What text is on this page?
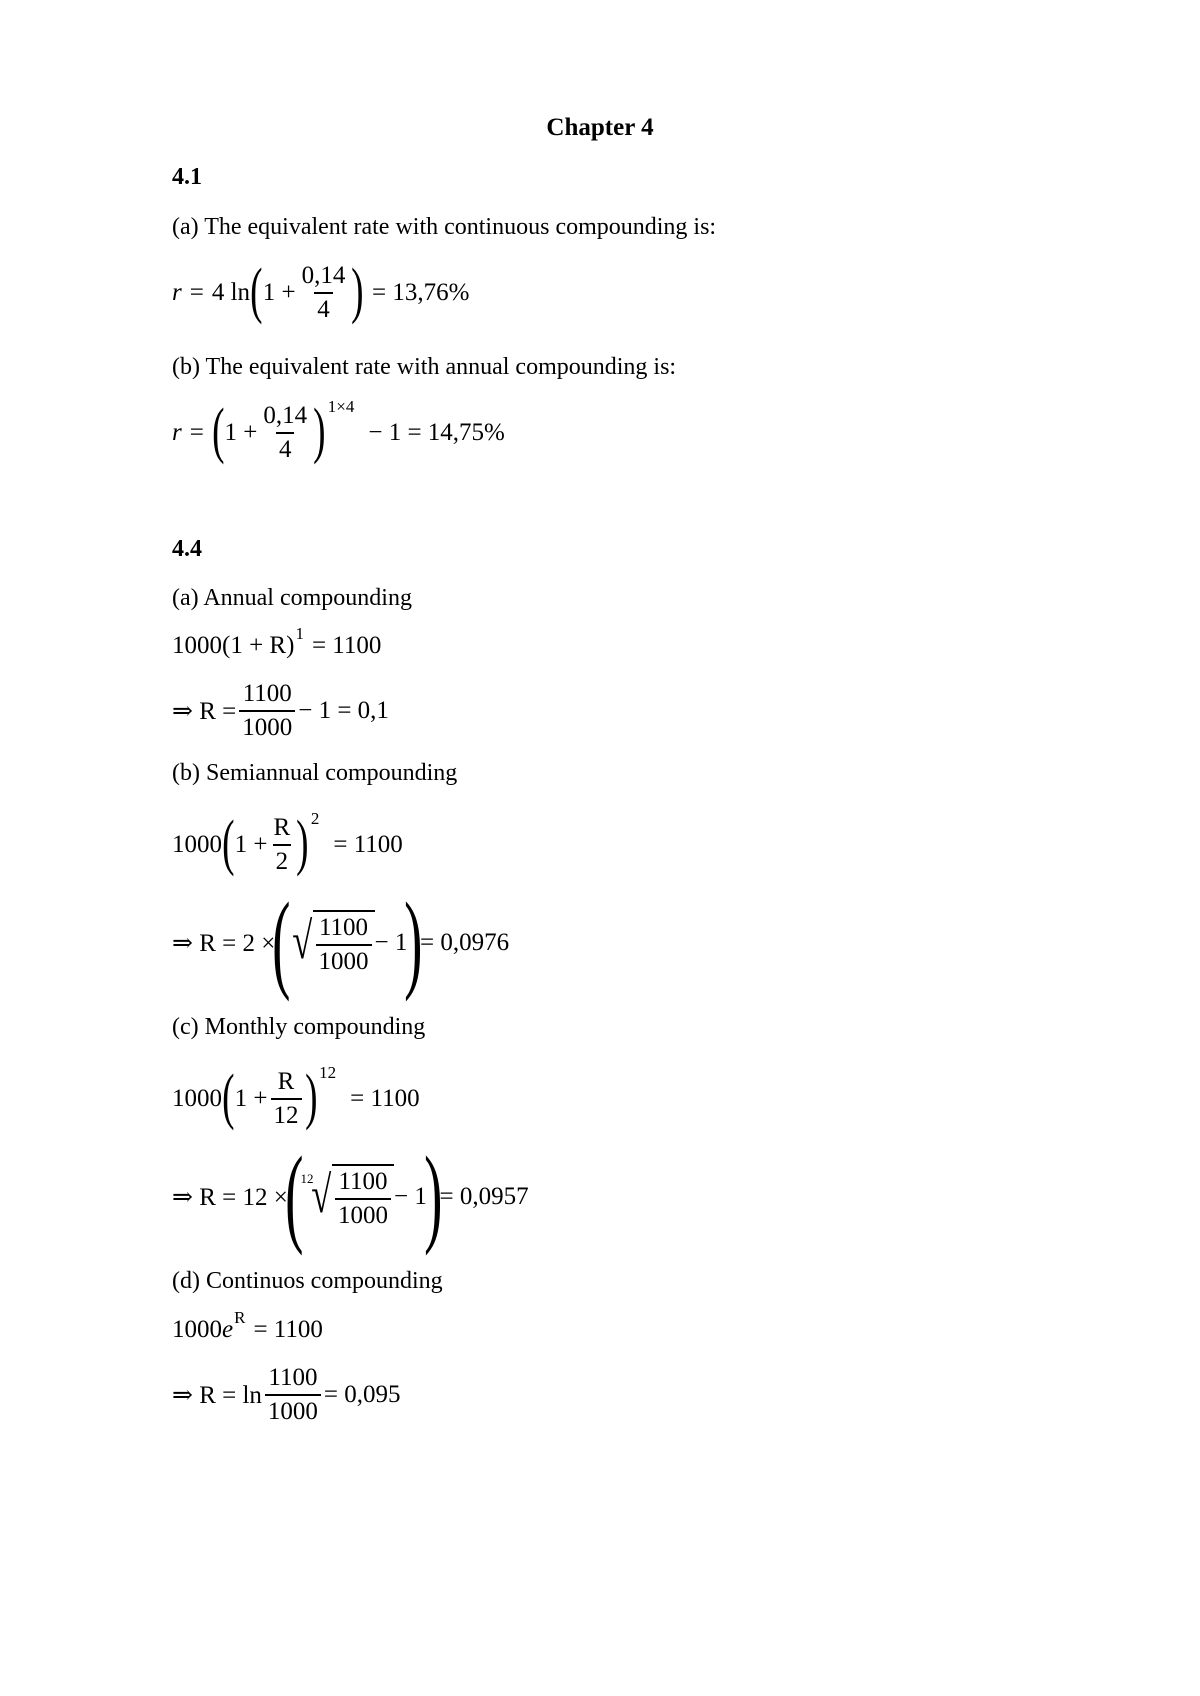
Chapter 4
4.1
(a) The equivalent rate with continuous compounding is:
r = 4 ln ( $1 + \frac{0,14}{4}$ ) = 13,76%
(b) The equivalent rate with annual compounding is:
r = ( $1 + \frac{0,14}{4}$ ) 1×4
− 1 = 14,75%
4.4
(a) Annual compounding
1000(1 + R) 1 = 1100
⇒ $R = \frac{1100}{1000} - 1 = 0,1$
(b) Semiannual compounding
1000 ( $1 + \frac{R}{2}$ ) 2
= 1100
⇒ R = 2 ×
( √ $\frac{1100}{1000} - 1$
)
= 0,0976
(c) Monthly compounding
1000 ( $1 + \frac{R}{12}$ ) 12
= 1100
⇒ R = 12 ×
(
12
√ $\frac{1100}{1000} - 1$
)
= 0,0957
(d) Continuos compounding
1000 e R = 1100
⇒ $R = \ln \frac{1100}{1000} = 0,095$
